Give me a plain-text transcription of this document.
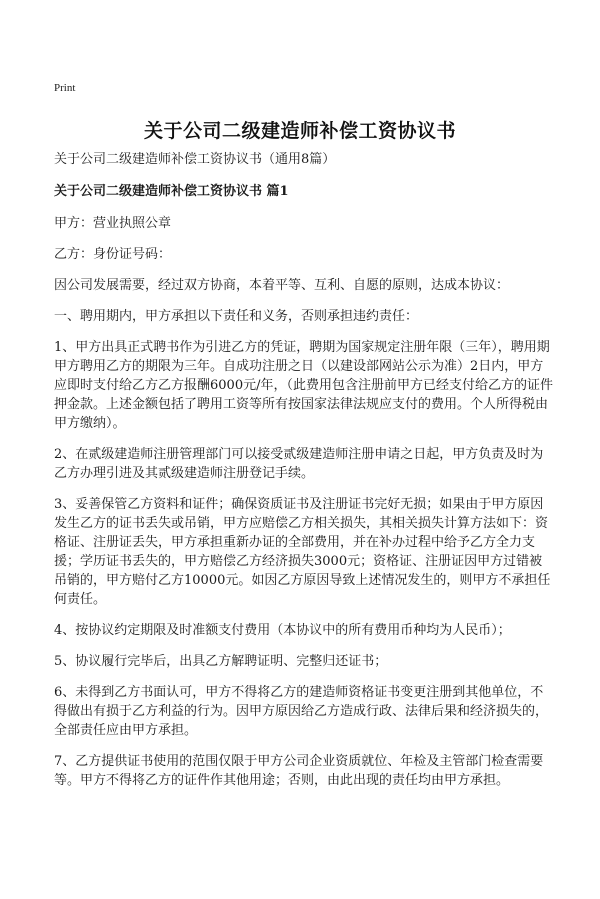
Print
关于公司二级建造师补偿工资协议书

关于公司二级建造师补偿工资协议书（通用8篇）

关于公司二级建造师补偿工资协议书 篇1

甲方：营业执照公章

乙方：身份证号码：

因公司发展需要，经过双方协商，本着平等、互利、自愿的原则，达成本协议：

一、聘用期内，甲方承担以下责任和义务，否则承担违约责任：

1、甲方出具正式聘书作为引进乙方的凭证，聘期为国家规定注册年限（三年），聘用期甲方聘用乙方的期限为三年。自成功注册之日（以建设部网站公示为准）2日内，甲方应即时支付给乙方乙方报酬6000元/年，（此费用包含注册前甲方已经支付给乙方的证件押金款。上述金额包括了聘用工资等所有按国家法律法规应支付的费用。个人所得税由甲方缴纳）。

2、在贰级建造师注册管理部门可以接受贰级建造师注册申请之日起，甲方负责及时为乙方办理引进及其贰级建造师注册登记手续。

3、妥善保管乙方资料和证件；确保资质证书及注册证书完好无损；如果由于甲方原因发生乙方的证书丢失或吊销，甲方应赔偿乙方相关损失，其相关损失计算方法如下：资格证、注册证丢失，甲方承担重新办证的全部费用，并在补办过程中给予乙方全力支援；学历证书丢失的，甲方赔偿乙方经济损失3000元；资格证、注册证因甲方过错被吊销的，甲方赔付乙方10000元。如因乙方原因导致上述情况发生的，则甲方不承担任何责任。

4、按协议约定期限及时准额支付费用（本协议中的所有费用币种均为人民币）；

5、协议履行完毕后，出具乙方解聘证明、完整归还证书；

6、未得到乙方书面认可，甲方不得将乙方的建造师资格证书变更注册到其他单位，不得做出有损于乙方利益的行为。因甲方原因给乙方造成行政、法律后果和经济损失的，全部责任应由甲方承担。

7、乙方提供证书使用的范围仅限于甲方公司企业资质就位、年检及主管部门检查需要等。甲方不得将乙方的证件作其他用途；否则，由此出现的责任均由甲方承担。
